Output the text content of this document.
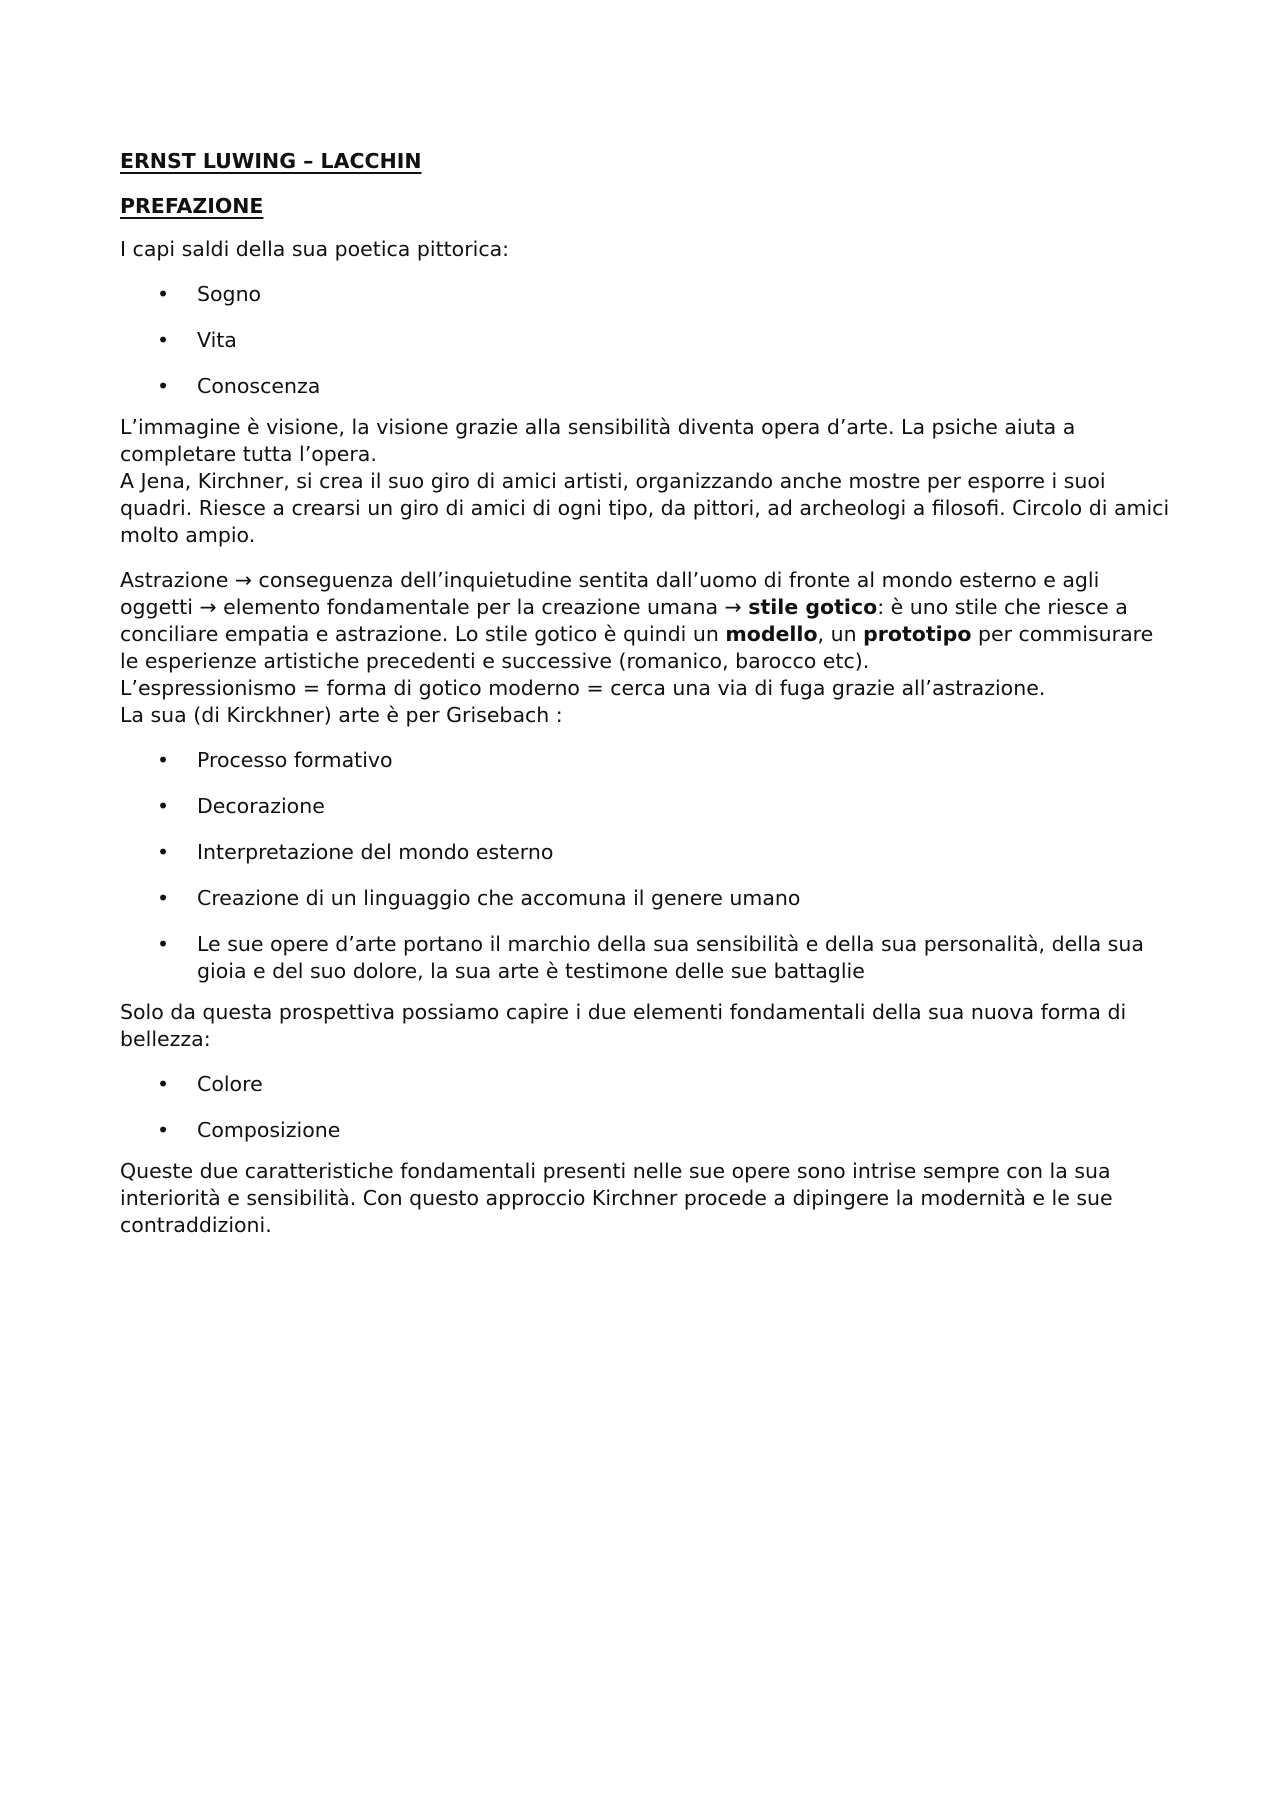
ERNST LUWING – LACCHIN

PREFAZIONE

I capi saldi della sua poetica pittorica:

• Sogno
• Vita
• Conoscenza

L’immagine è visione, la visione grazie alla sensibilità diventa opera d’arte. La psiche aiuta a completare tutta l’opera.

A Jena, Kirchner, si crea il suo giro di amici artisti, organizzando anche mostre per esporre i suoi quadri. Riesce a crearsi un giro di amici di ogni tipo, da pittori, ad archeologi a filosofi. Circolo di amici molto ampio.

Astrazione → conseguenza dell’inquietudine sentita dall’uomo di fronte al mondo esterno e agli oggetti → elemento fondamentale per la creazione umana → stile gotico: è uno stile che riesce a conciliare empatia e astrazione. Lo stile gotico è quindi un modello, un prototipo per commisurare le esperienze artistiche precedenti e successive (romanico, barocco etc).

L’espressionismo = forma di gotico moderno = cerca una via di fuga grazie all’astrazione.

La sua (di Kirckhner) arte è per Grisebach :

• Processo formativo
• Decorazione
• Interpretazione del mondo esterno
• Creazione di un linguaggio che accomuna il genere umano
• Le sue opere d’arte portano il marchio della sua sensibilità e della sua personalità, della sua gioia e del suo dolore, la sua arte è testimone delle sue battaglie

Solo da questa prospettiva possiamo capire i due elementi fondamentali della sua nuova forma di bellezza:

• Colore
• Composizione

Queste due caratteristiche fondamentali presenti nelle sue opere sono intrise sempre con la sua interiorità e sensibilità. Con questo approccio Kirchner procede a dipingere la modernità e le sue contraddizioni.
